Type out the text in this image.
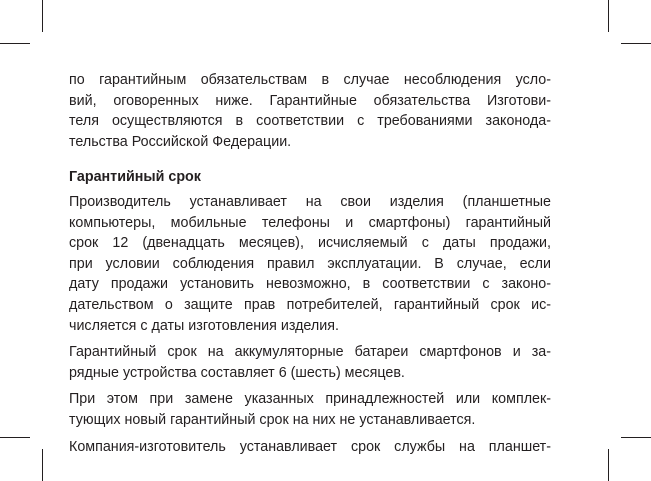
по гарантийным обязательствам в случае несоблюдения усло-
вий, оговоренных ниже. Гарантийные обязательства Изготови-
теля осуществляются в соответствии с требованиями законода-
тельства Российской Федерации.

Гарантийный срок

Производитель устанавливает на свои изделия (планшетные
компьютеры, мобильные телефоны и смартфоны) гарантийный
срок 12 (двенадцать месяцев), исчисляемый с даты продажи,
при условии соблюдения правил эксплуатации. В случае, если
дату продажи установить невозможно, в соответствии с законо-
дательством о защите прав потребителей, гарантийный срок ис-
числяется с даты изготовления изделия.

Гарантийный срок на аккумуляторные батареи смартфонов и за-
рядные устройства составляет 6 (шесть) месяцев.

При этом при замене указанных принадлежностей или комплек-
тующих новый гарантийный срок на них не устанавливается.

Компания-изготовитель устанавливает срок службы на планшет-
